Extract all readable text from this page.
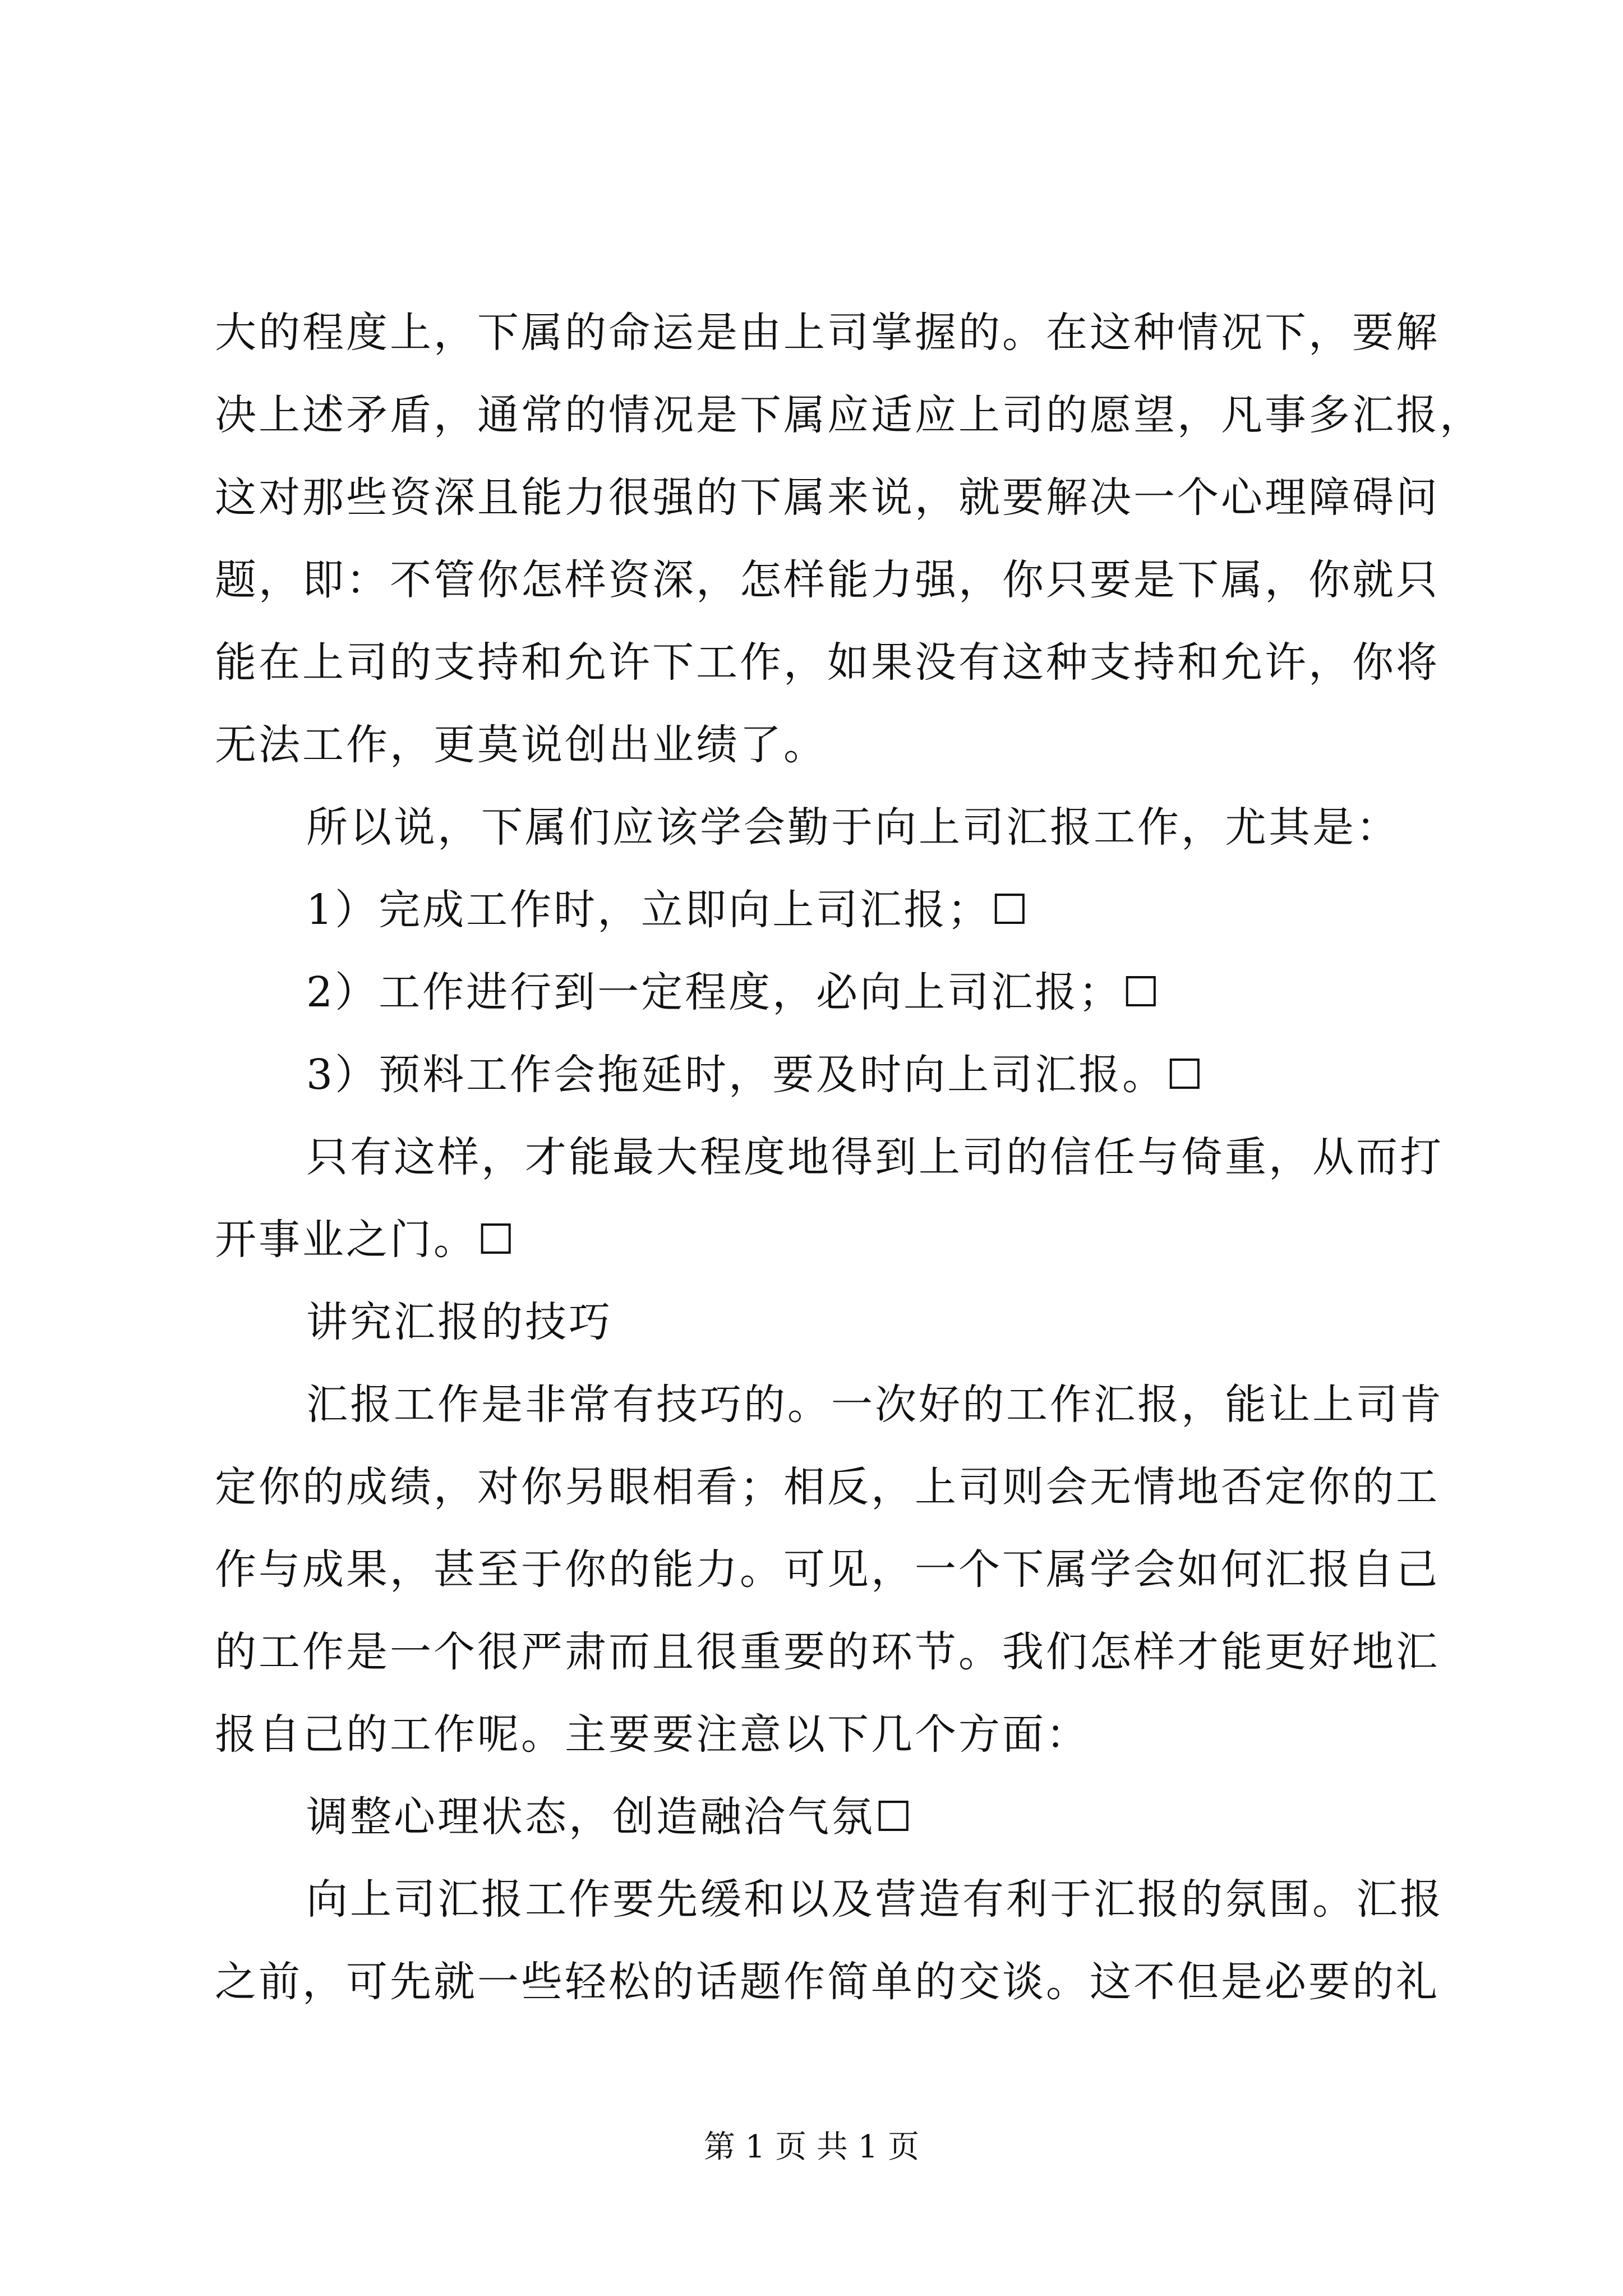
大的程度上，下属的命运是由上司掌握的。在这种情况下，要解
决上述矛盾，通常的情况是下属应适应上司的愿望，凡事多汇报，
这对那些资深且能力很强的下属来说，就要解决一个心理障碍问
题，即：不管你怎样资深，怎样能力强，你只要是下属，你就只
能在上司的支持和允许下工作，如果没有这种支持和允许，你将
无法工作，更莫说创出业绩了。
所以说，下属们应该学会勤于向上司汇报工作，尤其是：
1）完成工作时，立即向上司汇报；☐
2）工作进行到一定程度，必向上司汇报；☐
3）预料工作会拖延时，要及时向上司汇报。☐
只有这样，才能最大程度地得到上司的信任与倚重，从而打
开事业之门。☐
讲究汇报的技巧
汇报工作是非常有技巧的。一次好的工作汇报，能让上司肯
定你的成绩，对你另眼相看；相反，上司则会无情地否定你的工
作与成果，甚至于你的能力。可见，一个下属学会如何汇报自己
的工作是一个很严肃而且很重要的环节。我们怎样才能更好地汇
报自己的工作呢。主要要注意以下几个方面：
调整心理状态，创造融洽气氛☐
向上司汇报工作要先缓和以及营造有利于汇报的氛围。汇报
之前，可先就一些轻松的话题作简单的交谈。这不但是必要的礼
第 1 页 共 1 页
